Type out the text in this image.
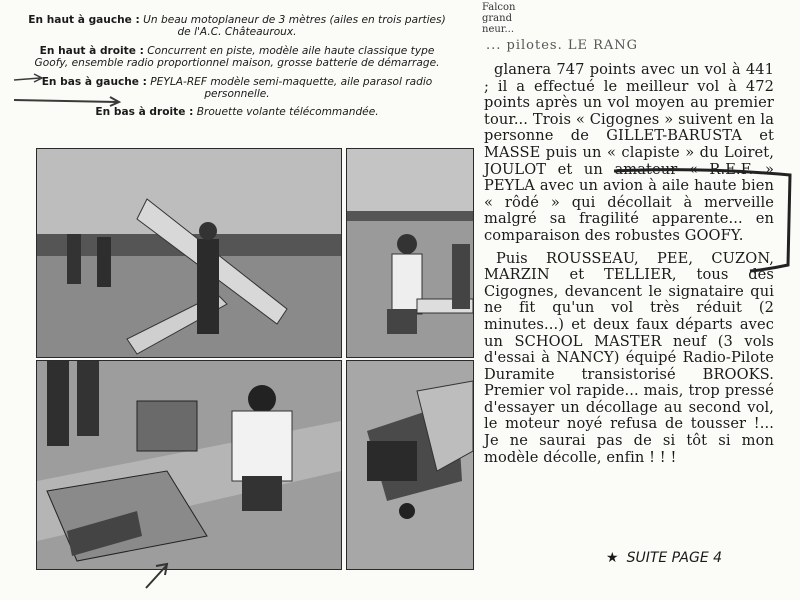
En haut à gauche : Un beau motoplaneur de 3 mètres (ailes en trois parties) de l'A.C. Châteauroux.

En haut à droite : Concurrent en piste, modèle aile haute classique type Goofy, ensemble radio proportionnel maison, grosse batterie de démarrage.

En bas à gauche : PEYLA-REF modèle semi-maquette, aile parasol radio personnelle.

En bas à droite : Brouette volante télécommandée.

Falcon
grand
neur...
... pilotes. LE RANG

glanera 747 points avec un vol à 441 ; il a effectué le meilleur vol à 472 points après un vol moyen au premier tour... Trois « Cigognes » suivent en la personne de GILLET-BARUSTA et MASSE puis un « clapiste » du Loiret, JOULOT et un amateur « R.E.F. » PEYLA avec un avion à aile haute bien « rôdé » qui décollait à merveille malgré sa fragilité apparente... en comparaison des robustes GOOFY.

Puis ROUSSEAU, PEE, CUZON, MARZIN et TELLIER, tous des Cigognes, devancent le signataire qui ne fit qu'un vol très réduit (2 minutes...) et deux faux départs avec un SCHOOL MASTER neuf (3 vols d'essai à NANCY) équipé Radio-Pilote Duramite transistorisé BROOKS. Premier vol rapide... mais, trop pressé d'essayer un décollage au second vol, le moteur noyé refusa de tousser !... Je ne saurai pas de si tôt si mon modèle décolle, enfin ! ! !

★ SUITE PAGE 4
